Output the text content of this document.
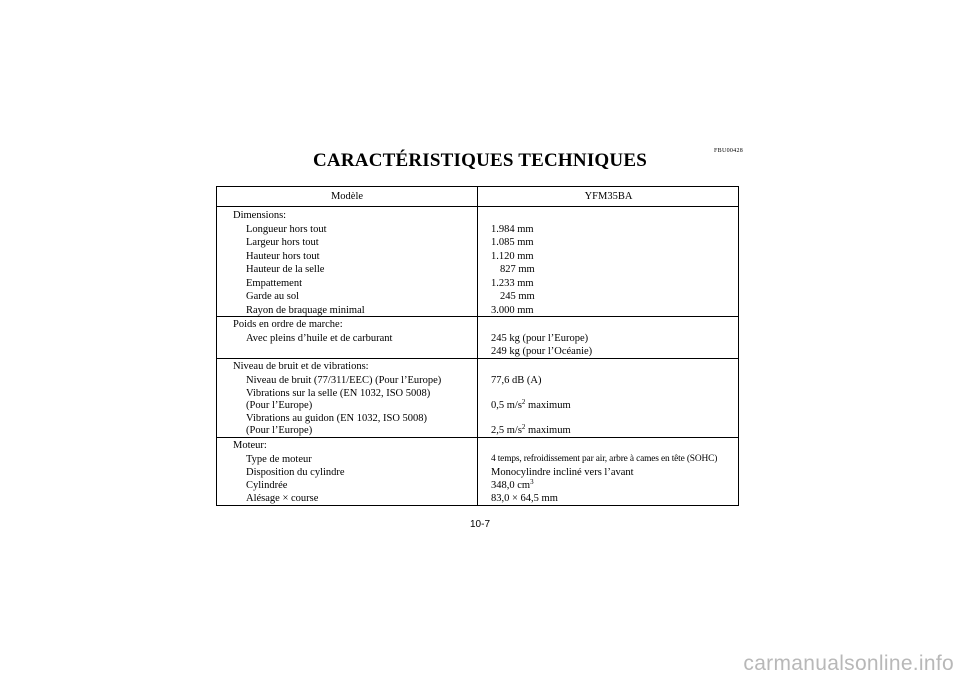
FBU00428
CARACTÉRISTIQUES TECHNIQUES
Modèle	YFM35BA
Dimensions:
Longueur hors tout	1.984 mm
Largeur hors tout	1.085 mm
Hauteur hors tout	1.120 mm
Hauteur de la selle	827 mm
Empattement	1.233 mm
Garde au sol	245 mm
Rayon de braquage minimal	3.000 mm
Poids en ordre de marche:
Avec pleins d’huile et de carburant	245 kg (pour l’Europe)
249 kg (pour l’Océanie)
Niveau de bruit et de vibrations:
Niveau de bruit (77/311/EEC) (Pour l’Europe)	77,6 dB (A)
Vibrations sur la selle (EN 1032, ISO 5008)
(Pour l’Europe)	0,5 $m/s^2$ maximum
Vibrations au guidon (EN 1032, ISO 5008)
(Pour l’Europe)	2,5 $m/s^2$ maximum
Moteur:
Type de moteur	4 temps, refroidissement par air, arbre à cames en tête (SOHC)
Disposition du cylindre	Monocylindre incliné vers l’avant
Cylindrée	348,0 $cm^3$
Alésage × course	83,0 × 64,5 mm
10-7
carmanualsonline.info
